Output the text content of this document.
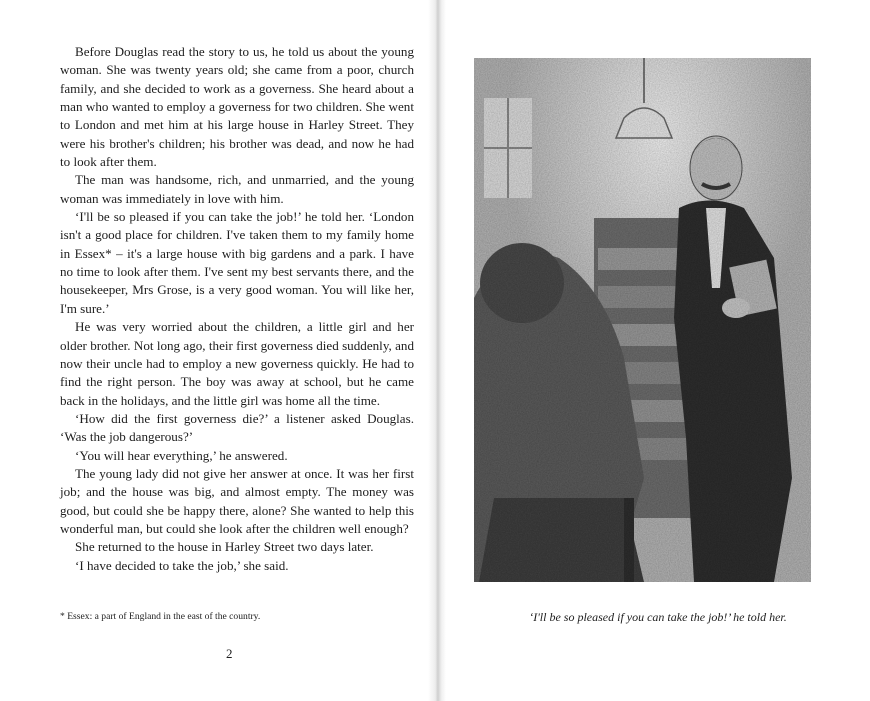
Before Douglas read the story to us, he told us about the young woman. She was twenty years old; she came from a poor, church family, and she decided to work as a governess. She heard about a man who wanted to employ a governess for two children. She went to London and met him at his large house in Harley Street. They were his brother's children; his brother was dead, and now he had to look after them.

The man was handsome, rich, and unmarried, and the young woman was immediately in love with him.

‘I'll be so pleased if you can take the job!’ he told her. ‘London isn't a good place for children. I've taken them to my family home in Essex* – it's a large house with big gardens and a park. I have no time to look after them. I've sent my best servants there, and the housekeeper, Mrs Grose, is a very good woman. You will like her, I'm sure.’

He was very worried about the children, a little girl and her older brother. Not long ago, their first governess died suddenly, and now their uncle had to employ a new governess quickly. He had to find the right person. The boy was away at school, but he came back in the holidays, and the little girl was home all the time.

‘How did the first governess die?’ a listener asked Douglas. ‘Was the job dangerous?’

‘You will hear everything,’ he answered.

The young lady did not give her answer at once. It was her first job; and the house was big, and almost empty. The money was good, but could she be happy there, alone? She wanted to help this wonderful man, but could she look after the children well enough?

She returned to the house in Harley Street two days later.

‘I have decided to take the job,’ she said.

* Essex: a part of England in the east of the country.
2
‘I'll be so pleased if you can take the job!’ he told her.
